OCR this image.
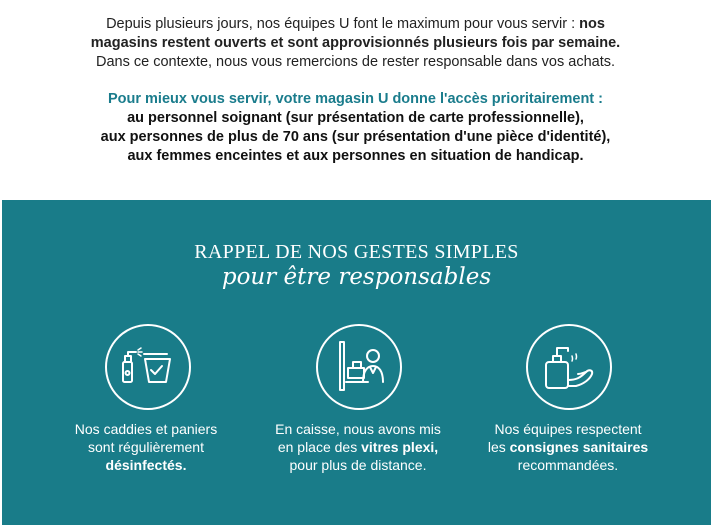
Depuis plusieurs jours, nos équipes U font le maximum pour vous servir : nos
magasins restent ouverts et sont approvisionnés plusieurs fois par semaine.
Dans ce contexte, nous vous remercions de rester responsable dans vos achats.
Pour mieux vous servir, votre magasin U donne l'accès prioritairement :
au personnel soignant (sur présentation de carte professionnelle),
aux personnes de plus de 70 ans (sur présentation d'une pièce d'identité),
aux femmes enceintes et aux personnes en situation de handicap.
RAPPEL DE NOS GESTES SIMPLES
pour être responsables
Nos caddies et paniers
sont régulièrement
désinfectés.
En caisse, nous avons mis
en place des vitres plexi,
pour plus de distance.
Nos équipes respectent
les consignes sanitaires
recommandées.
